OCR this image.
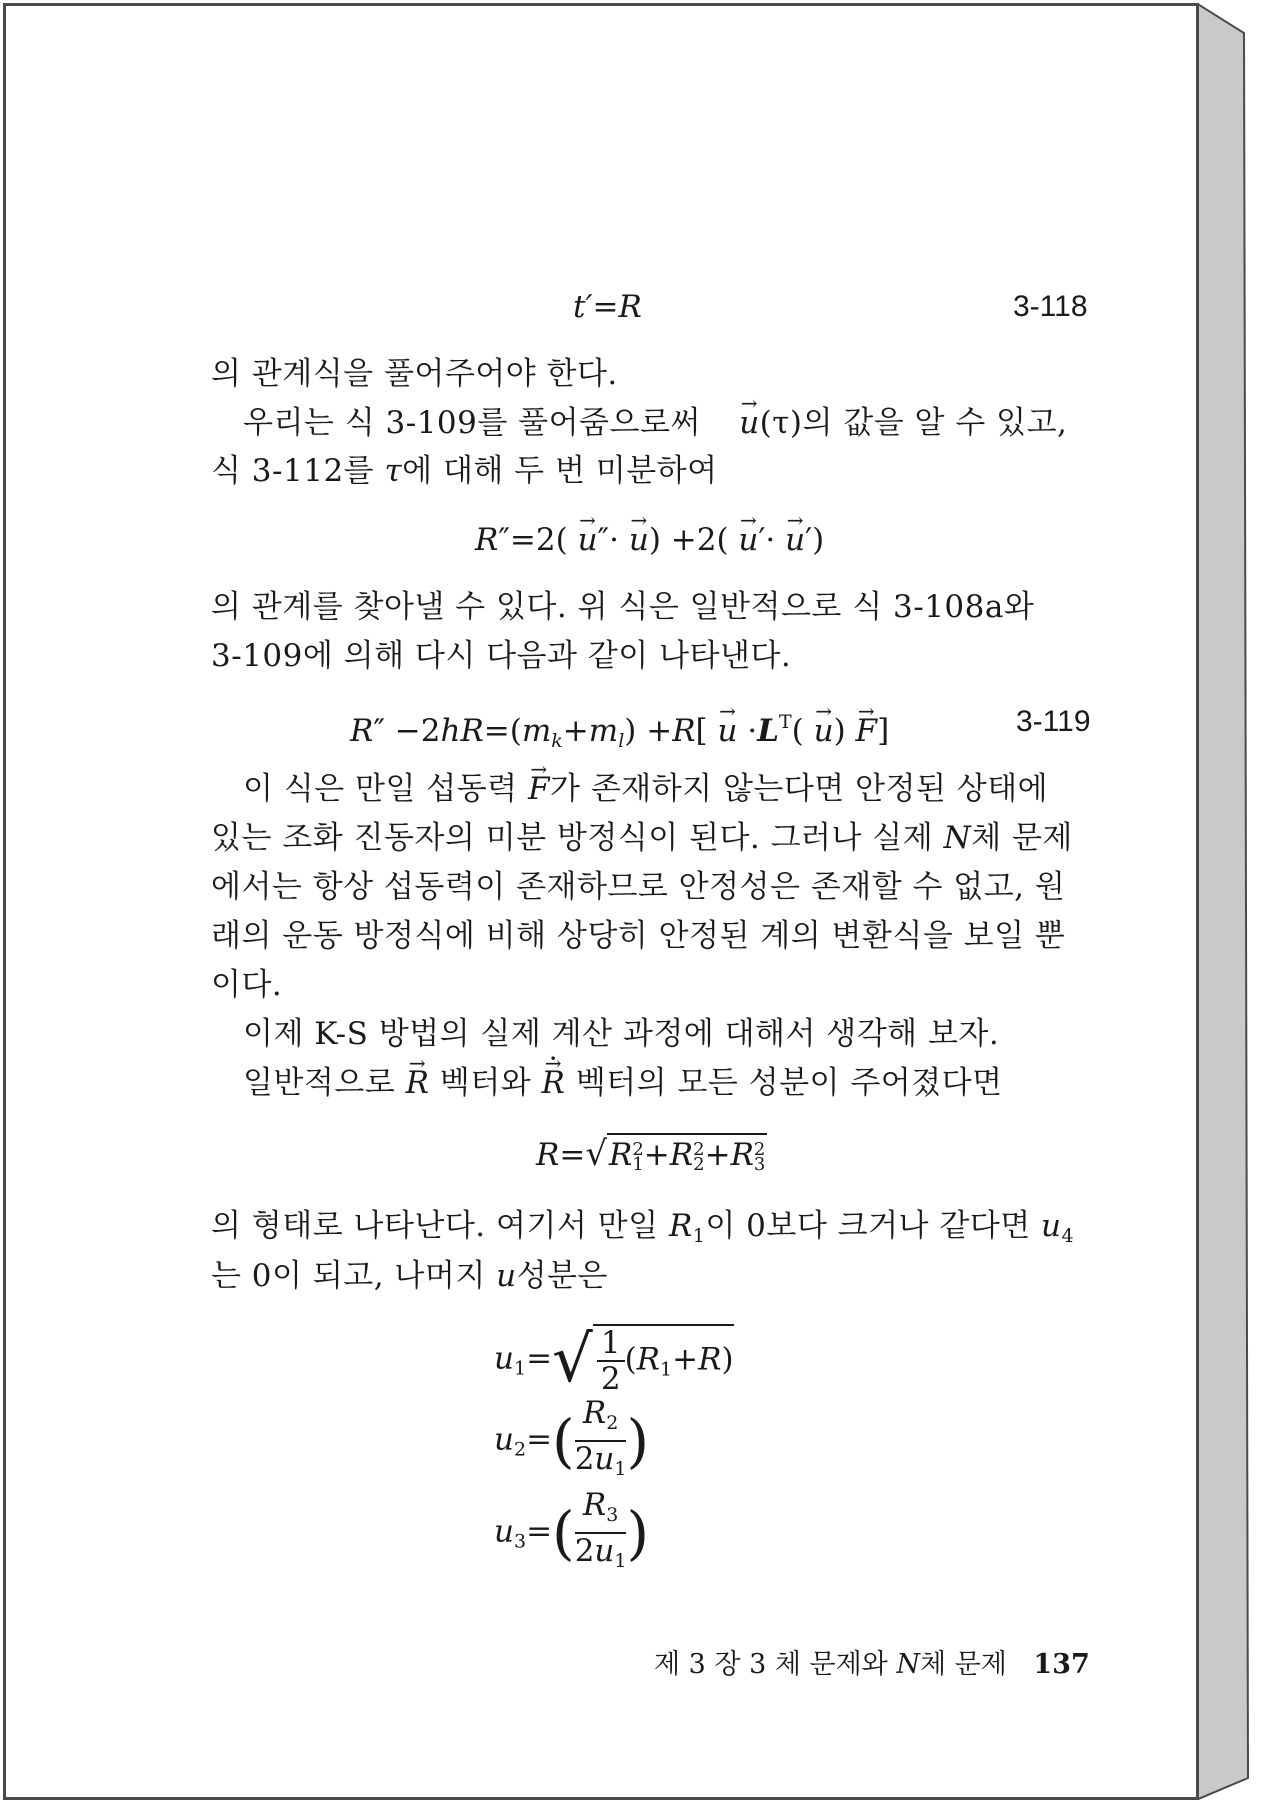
t′=R	3-118
의 관계식을 풀어주어야 한다.
우리는 식 3-109를 풀어줌으로써 → u(τ)의 값을 알 수 있고,
식 3-112를 τ에 대해 두 번 미분하여
R″=2( → u″· → u) +2( → u′· → u′)
의 관계를 찾아낼 수 있다. 위 식은 일반적으로 식 3-108a와
3-109에 의해 다시 다음과 같이 나타낸다.
$R'' -2hR=(m_k+m_l) +R[ \to u \cdot L^T( \to u) \to F]$	3-119
이 식은 만일 섭동력 → F가 존재하지 않는다면 안정된 상태에
있는 조화 진동자의 미분 방정식이 된다. 그러나 실제 N체 문제
에서는 항상 섭동력이 존재하므로 안정성은 존재할 수 없고, 원
래의 운동 방정식에 비해 상당히 안정된 계의 변환식을 보일 뿐
이다.
이제 K-S 방법의 실제 계산 과정에 대해서 생각해 보자.
일반적으로 → R 벡터와 · → R 벡터의 모든 성분이 주어졌다면
R=√R2
1+R2
2+R2
3
의 형태로 나타난다. 여기서 만일 $R_1$이 0보다 크거나 같다면 $u_4$
는 0이 되고, 나머지 u성분은
$u_1=√ \frac{1}{2} (R_1+R)$
$u_2=( \frac{R_2}{2u_1}$ )
$u_3=( \frac{R_3}{2u_1}$ )
제 3 장 3 체 문제와 N체 문제 137
